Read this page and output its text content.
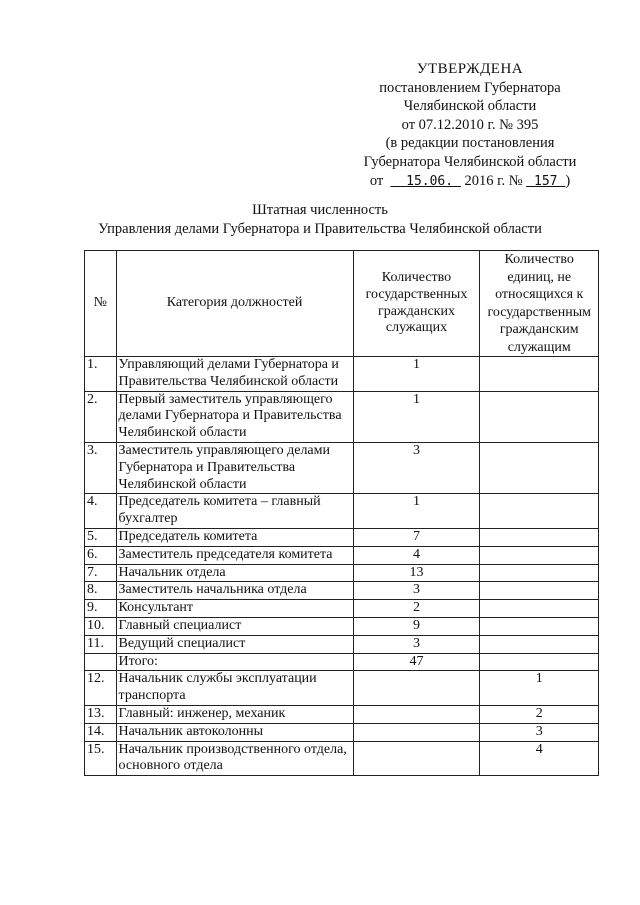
УТВЕРЖДЕНА
постановлением Губернатора
Челябинской области
от 07.12.2010 г. № 395
(в редакции постановления
Губернатора Челябинской области
от 15.06. 2016 г. № 157 )
Штатная численность
Управления делами Губернатора и Правительства Челябинской области
№	Категория должностей	Количество государственных гражданских служащих	Количество единиц, не относящихся к государственным гражданским служащим
1.	Управляющий делами Губернатора и Правительства Челябинской области	1	
2.	Первый заместитель управляющего делами Губернатора и Правительства Челябинской области	1	
3.	Заместитель управляющего делами Губернатора и Правительства Челябинской области	3	
4.	Председатель комитета – главный бухгалтер	1	
5.	Председатель комитета	7	
6.	Заместитель председателя комитета	4	
7.	Начальник отдела	13	
8.	Заместитель начальника отдела	3	
9.	Консультант	2	
10.	Главный специалист	9	
11.	Ведущий специалист	3	
	Итого:	47	
12.	Начальник службы эксплуатации транспорта		1
13.	Главный: инженер, механик		2
14.	Начальник автоколонны		3
15.	Начальник производственного отдела, основного отдела		4
